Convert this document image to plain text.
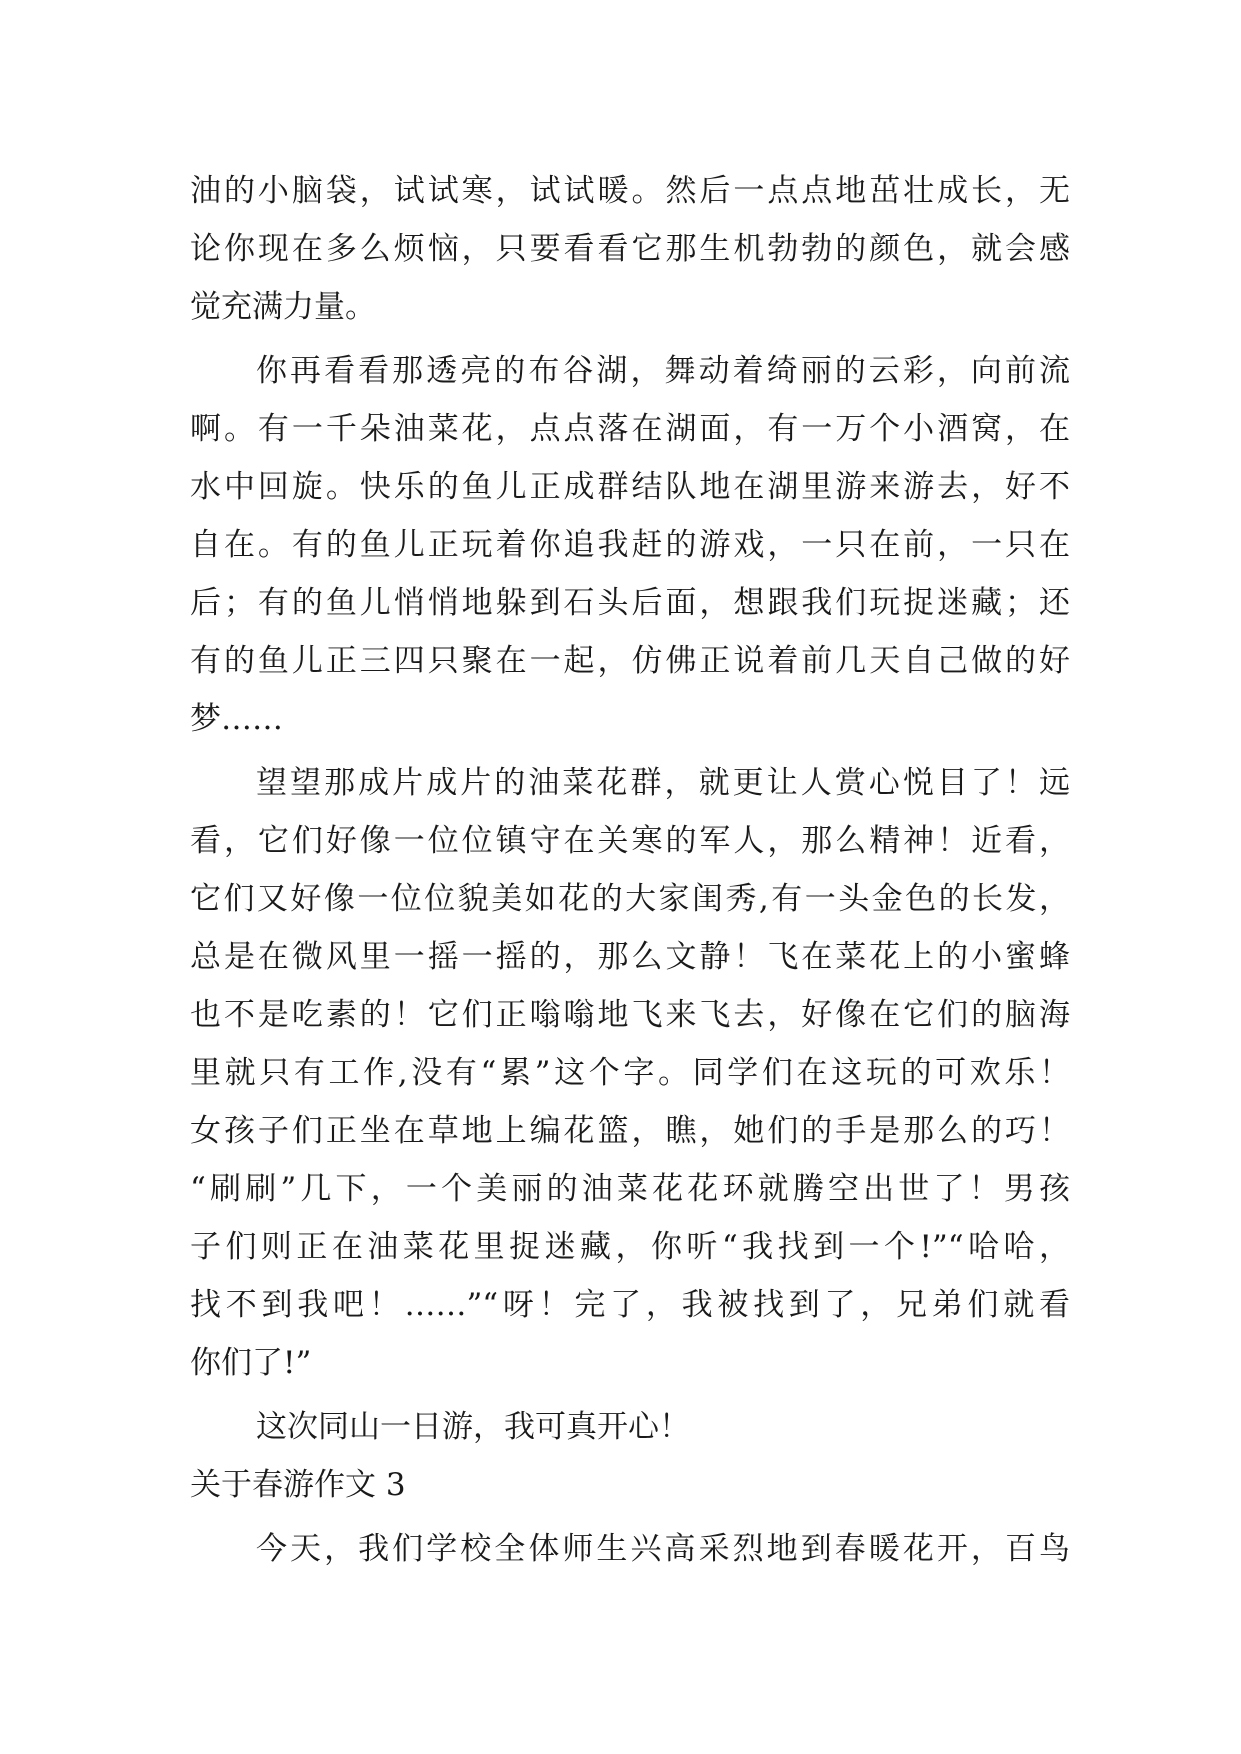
油的小脑袋，试试寒，试试暖。然后一点点地茁壮成长，无
论你现在多么烦恼，只要看看它那生机勃勃的颜色，就会感
觉充满力量。
你再看看那透亮的布谷湖，舞动着绮丽的云彩，向前流
啊。有一千朵油菜花，点点落在湖面，有一万个小酒窝，在
水中回旋。快乐的鱼儿正成群结队地在湖里游来游去，好不
自在。有的鱼儿正玩着你追我赶的游戏，一只在前，一只在
后；有的鱼儿悄悄地躲到石头后面，想跟我们玩捉迷藏；还
有的鱼儿正三四只聚在一起，仿佛正说着前几天自己做的好
梦……
望望那成片成片的油菜花群，就更让人赏心悦目了！远
看，它们好像一位位镇守在关寒的军人，那么精神！近看，
它们又好像一位位貌美如花的大家闺秀,有一头金色的长发，
总是在微风里一摇一摇的，那么文静！飞在菜花上的小蜜蜂
也不是吃素的！它们正嗡嗡地飞来飞去，好像在它们的脑海
里就只有工作,没有“累”这个字。同学们在这玩的可欢乐！
女孩子们正坐在草地上编花篮，瞧，她们的手是那么的巧！
“刷刷”几下，一个美丽的油菜花花环就腾空出世了！男孩
子们则正在油菜花里捉迷藏，你听“我找到一个!”“哈哈，
找不到我吧！……”“呀！完了，我被找到了，兄弟们就看
你们了!”
这次同山一日游，我可真开心！
关于春游作文 3
今天，我们学校全体师生兴高采烈地到春暖花开，百鸟
